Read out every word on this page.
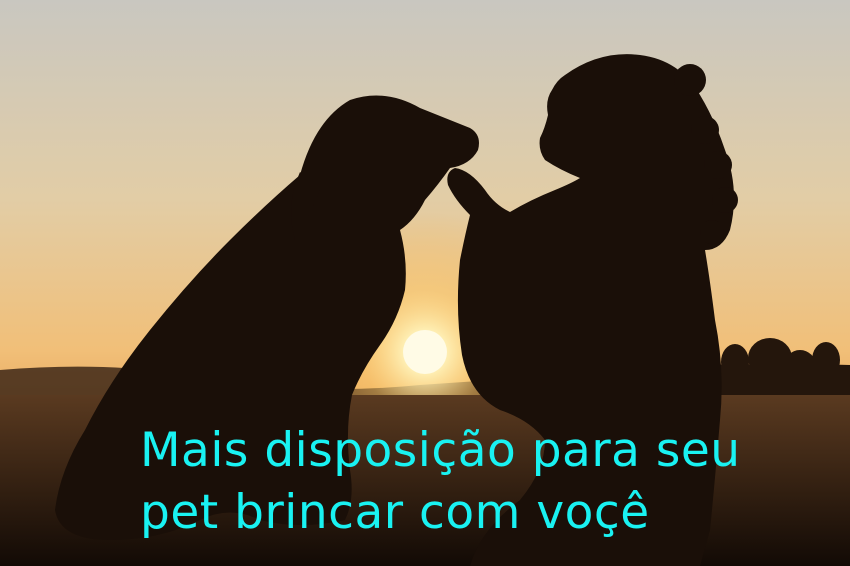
Mais disposição para seu
pet brincar com voçê
